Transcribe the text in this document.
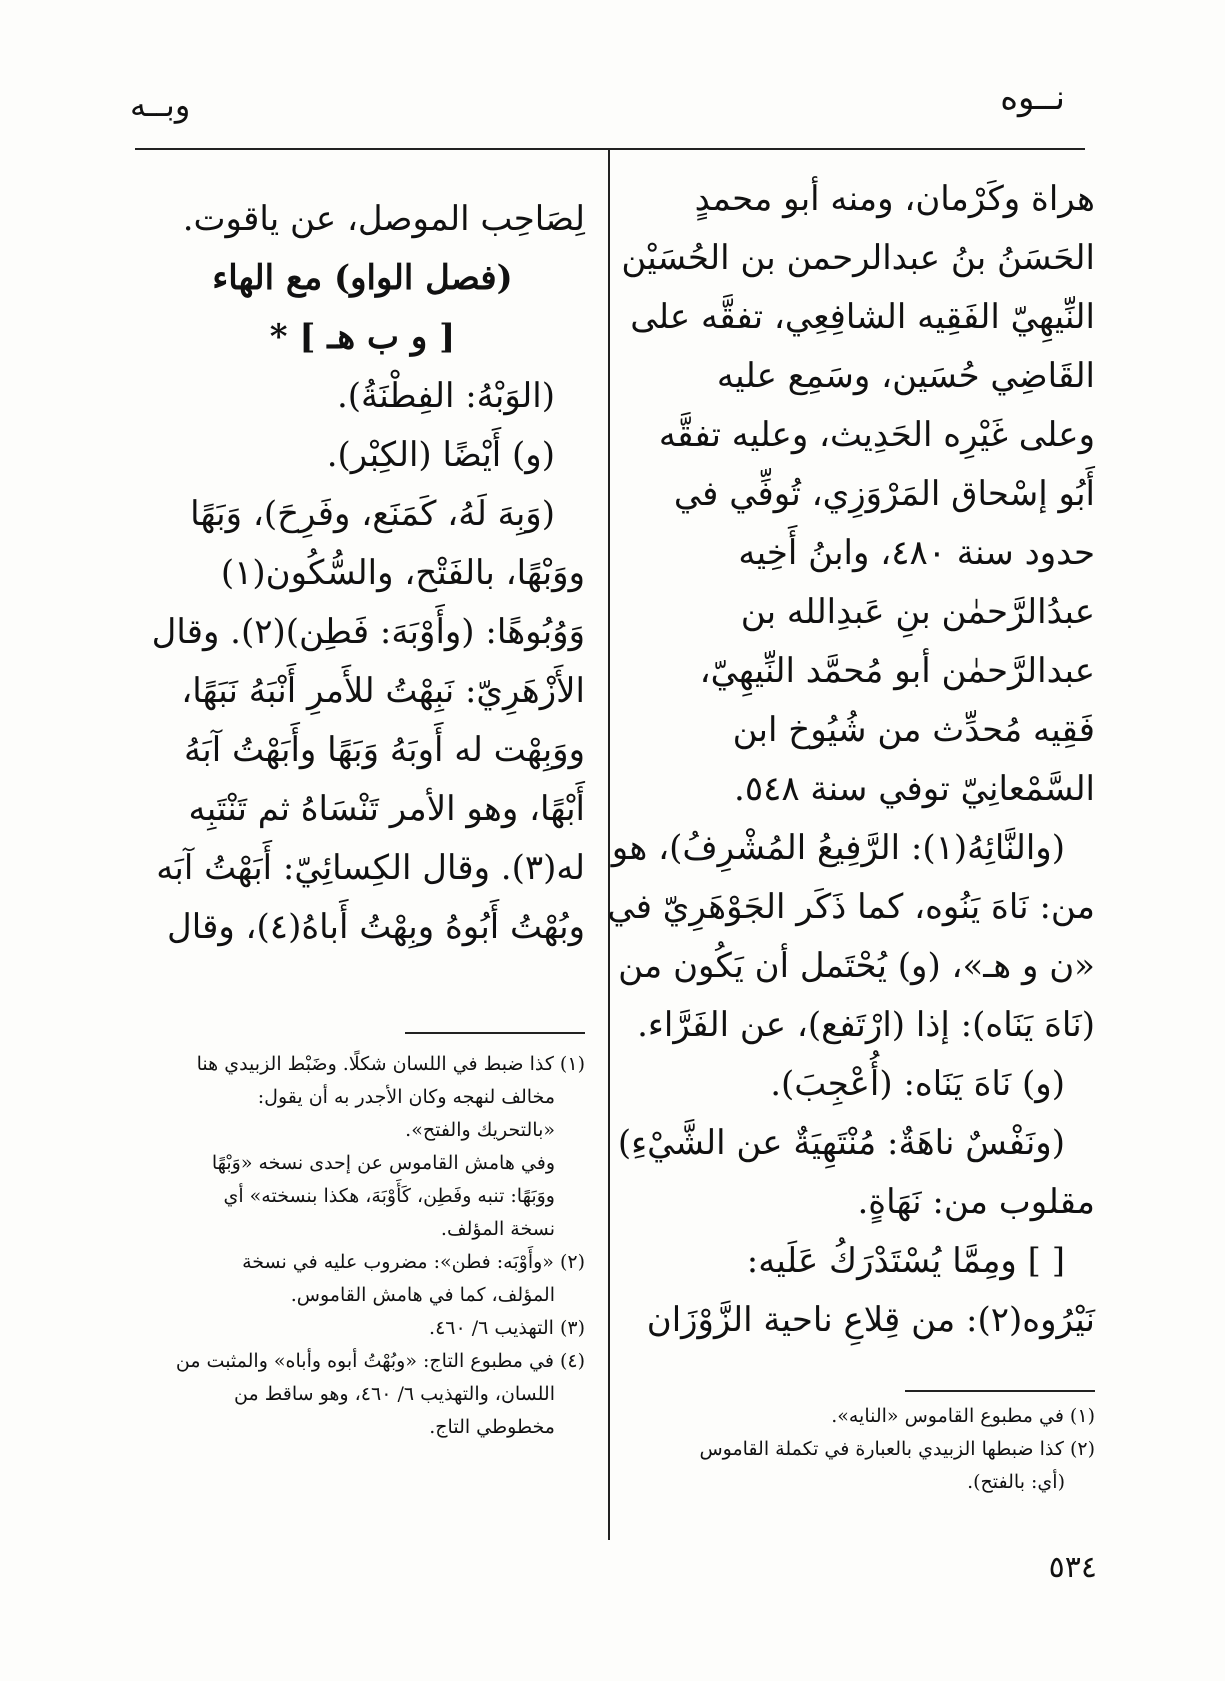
نــوه
وبــه
هراة وكَرْمان، ومنه أبو محمدٍ
الحَسَنُ بنُ عبدالرحمن بن الحُسَيْن
النِّيهِيّ الفَقِيه الشافِعِي، تفقَّه على
القَاضِي حُسَين، وسَمِع عليه
وعلى غَيْرِه الحَدِيث، وعليه تفقَّه
أَبُو إسْحاق المَرْوَزِي، تُوفِّي في
حدود سنة ٤٨٠، وابنُ أَخِيه
عبدُالرَّحمٰن بنِ عَبدِالله بن
عبدالرَّحمٰن أبو مُحمَّد النِّيهِيّ،
فَقِيه مُحدِّث من شُيُوخ ابن
السَّمْعانِيّ توفي سنة ٥٤٨.
(والنَّائِهُ(١): الرَّفِيعُ المُشْرِفُ)، هو
من: نَاهَ يَنُوه، كما ذَكَر الجَوْهَرِيّ في
«ن و هـ»، (و) يُحْتَمل أن يَكُون من
(نَاهَ يَنَاه): إذا (ارْتَفع)، عن الفَرَّاء.
(و) نَاهَ يَنَاه: (أُعْجِبَ).
(ونَفْسٌ ناهَةٌ: مُنْتَهِيَةٌ عن الشَّيْءِ)
مقلوب من: نَهَاةٍ.
[ ] ومِمَّا يُسْتَدْرَكُ عَلَيه:
نَيْرُوه(٢): من قِلاعِ ناحية الزَّوْزَان
لِصَاحِب الموصل، عن ياقوت.
(فصل الواو) مع الهاء
[ و ب هـ ] *
(الوَبْهُ: الفِطْنَةُ).
(و) أَيْضًا (الكِبْر).
(وَبِهَ لَهُ، كَمَنَع، وفَرِحَ)، وَبَهًا
ووَبْهًا، بالفَتْح، والسُّكُون(١)
وَوُبُوهًا: (وأَوْبَهَ: فَطِن)(٢). وقال
الأَزْهَرِيّ: نَبِهْتُ للأَمرِ أَنْبَهُ نَبَهًا،
ووَبِهْت له أَوبَهُ وَبَهًا وأَبَهْتُ آبَهُ
أَبْهًا، وهو الأمر تَنْسَاهُ ثم تَنْتَبِه
له(٣). وقال الكِسائِيّ: أَبَهْتُ آبَه
وبُهْتُ أَبُوهُ وبِهْتُ أَباهُ(٤)، وقال
(١) كذا ضبط في اللسان شكلًا. وضَبْط الزبيدي هنا
مخالف لنهجه وكان الأجدر به أن يقول:
«بالتحريك والفتح».
وفي هامش القاموس عن إحدى نسخه «وَبْهًا
ووَبَهًا: تنبه وفَطِن، كَأَوْبَهَ، هكذا بنسخته» أي
نسخة المؤلف.
(٢) «وأَوْبَه: فطن»: مضروب عليه في نسخة
المؤلف، كما في هامش القاموس.
(٣) التهذيب ٦/ ٤٦٠.
(٤) في مطبوع التاج: «وبُهْتُ أبوه وأباه» والمثبت من
اللسان، والتهذيب ٦/ ٤٦٠، وهو ساقط من
مخطوطي التاج.	(١) في مطبوع القاموس «النايه».
(٢) كذا ضبطها الزبيدي بالعبارة في تكملة القاموس
(أي: بالفتح).
٥٣٤
